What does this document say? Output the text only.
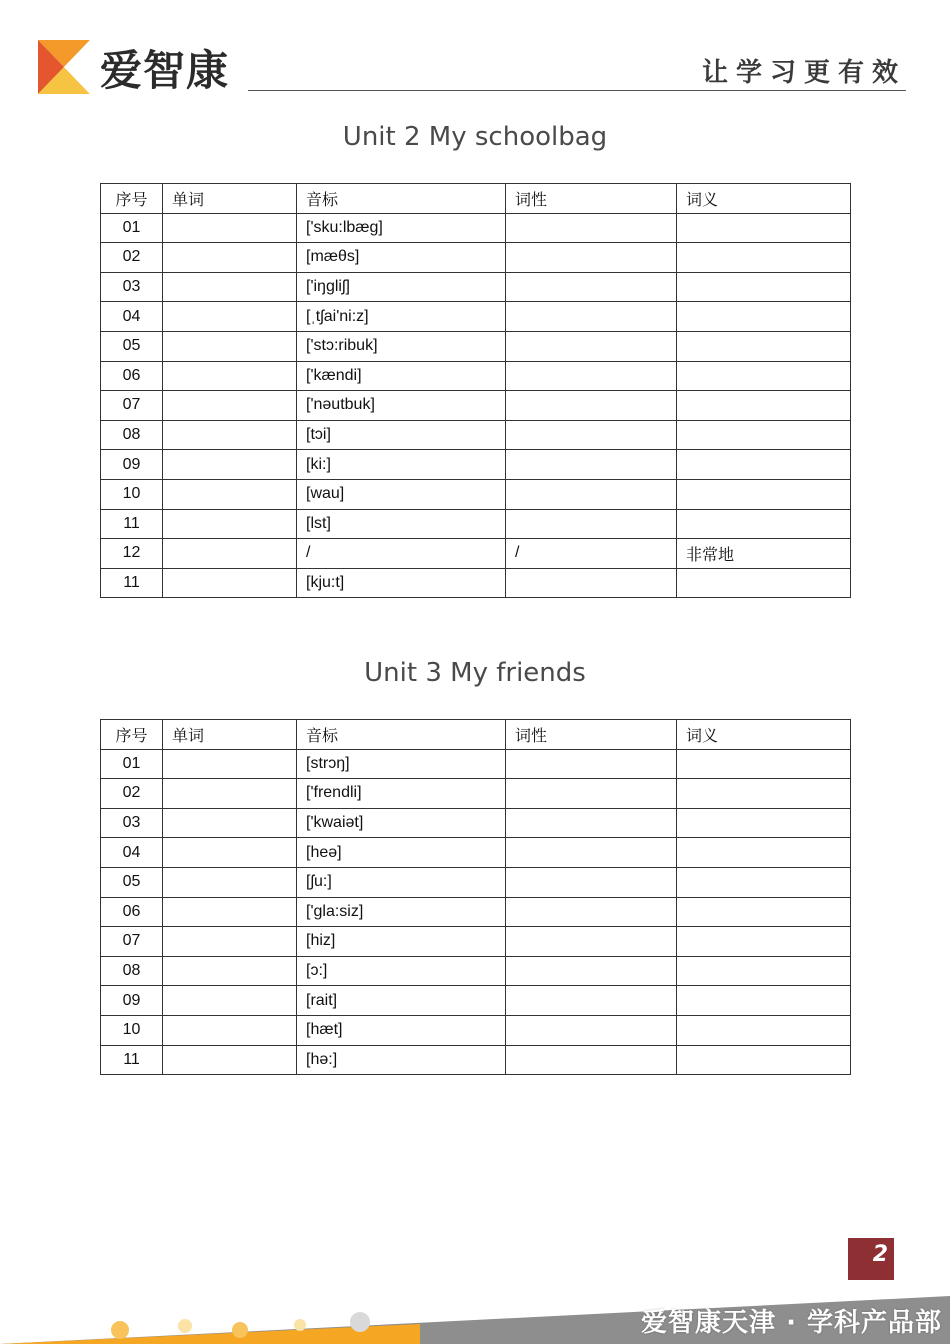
爱智康	让学习更有效
Unit 2 My schoolbag
序号	单词	音标	词性	词义
01		['sku:lbæg]		
02		[mæθs]		
03		['iŋgliʃ]		
04		[ˌtʃai'ni:z]		
05		['stɔ:ribuk]		
06		['kændi]		
07		['nəutbuk]		
08		[tɔi]		
09		[ki:]		
10		[wau]		
11		[lst]		
12		/	/	非常地
11		[kju:t]		
Unit 3 My friends
序号	单词	音标	词性	词义
01		[strɔŋ]		
02		['frendli]		
03		['kwaiət]		
04		[heə]		
05		[ʃu:]		
06		['gla:siz]		
07		[hiz]		
08		[ɔ:]		
09		[rait]		
10		[hæt]		
11		[hə:]		
2
爱智康天津 · 学科产品部
